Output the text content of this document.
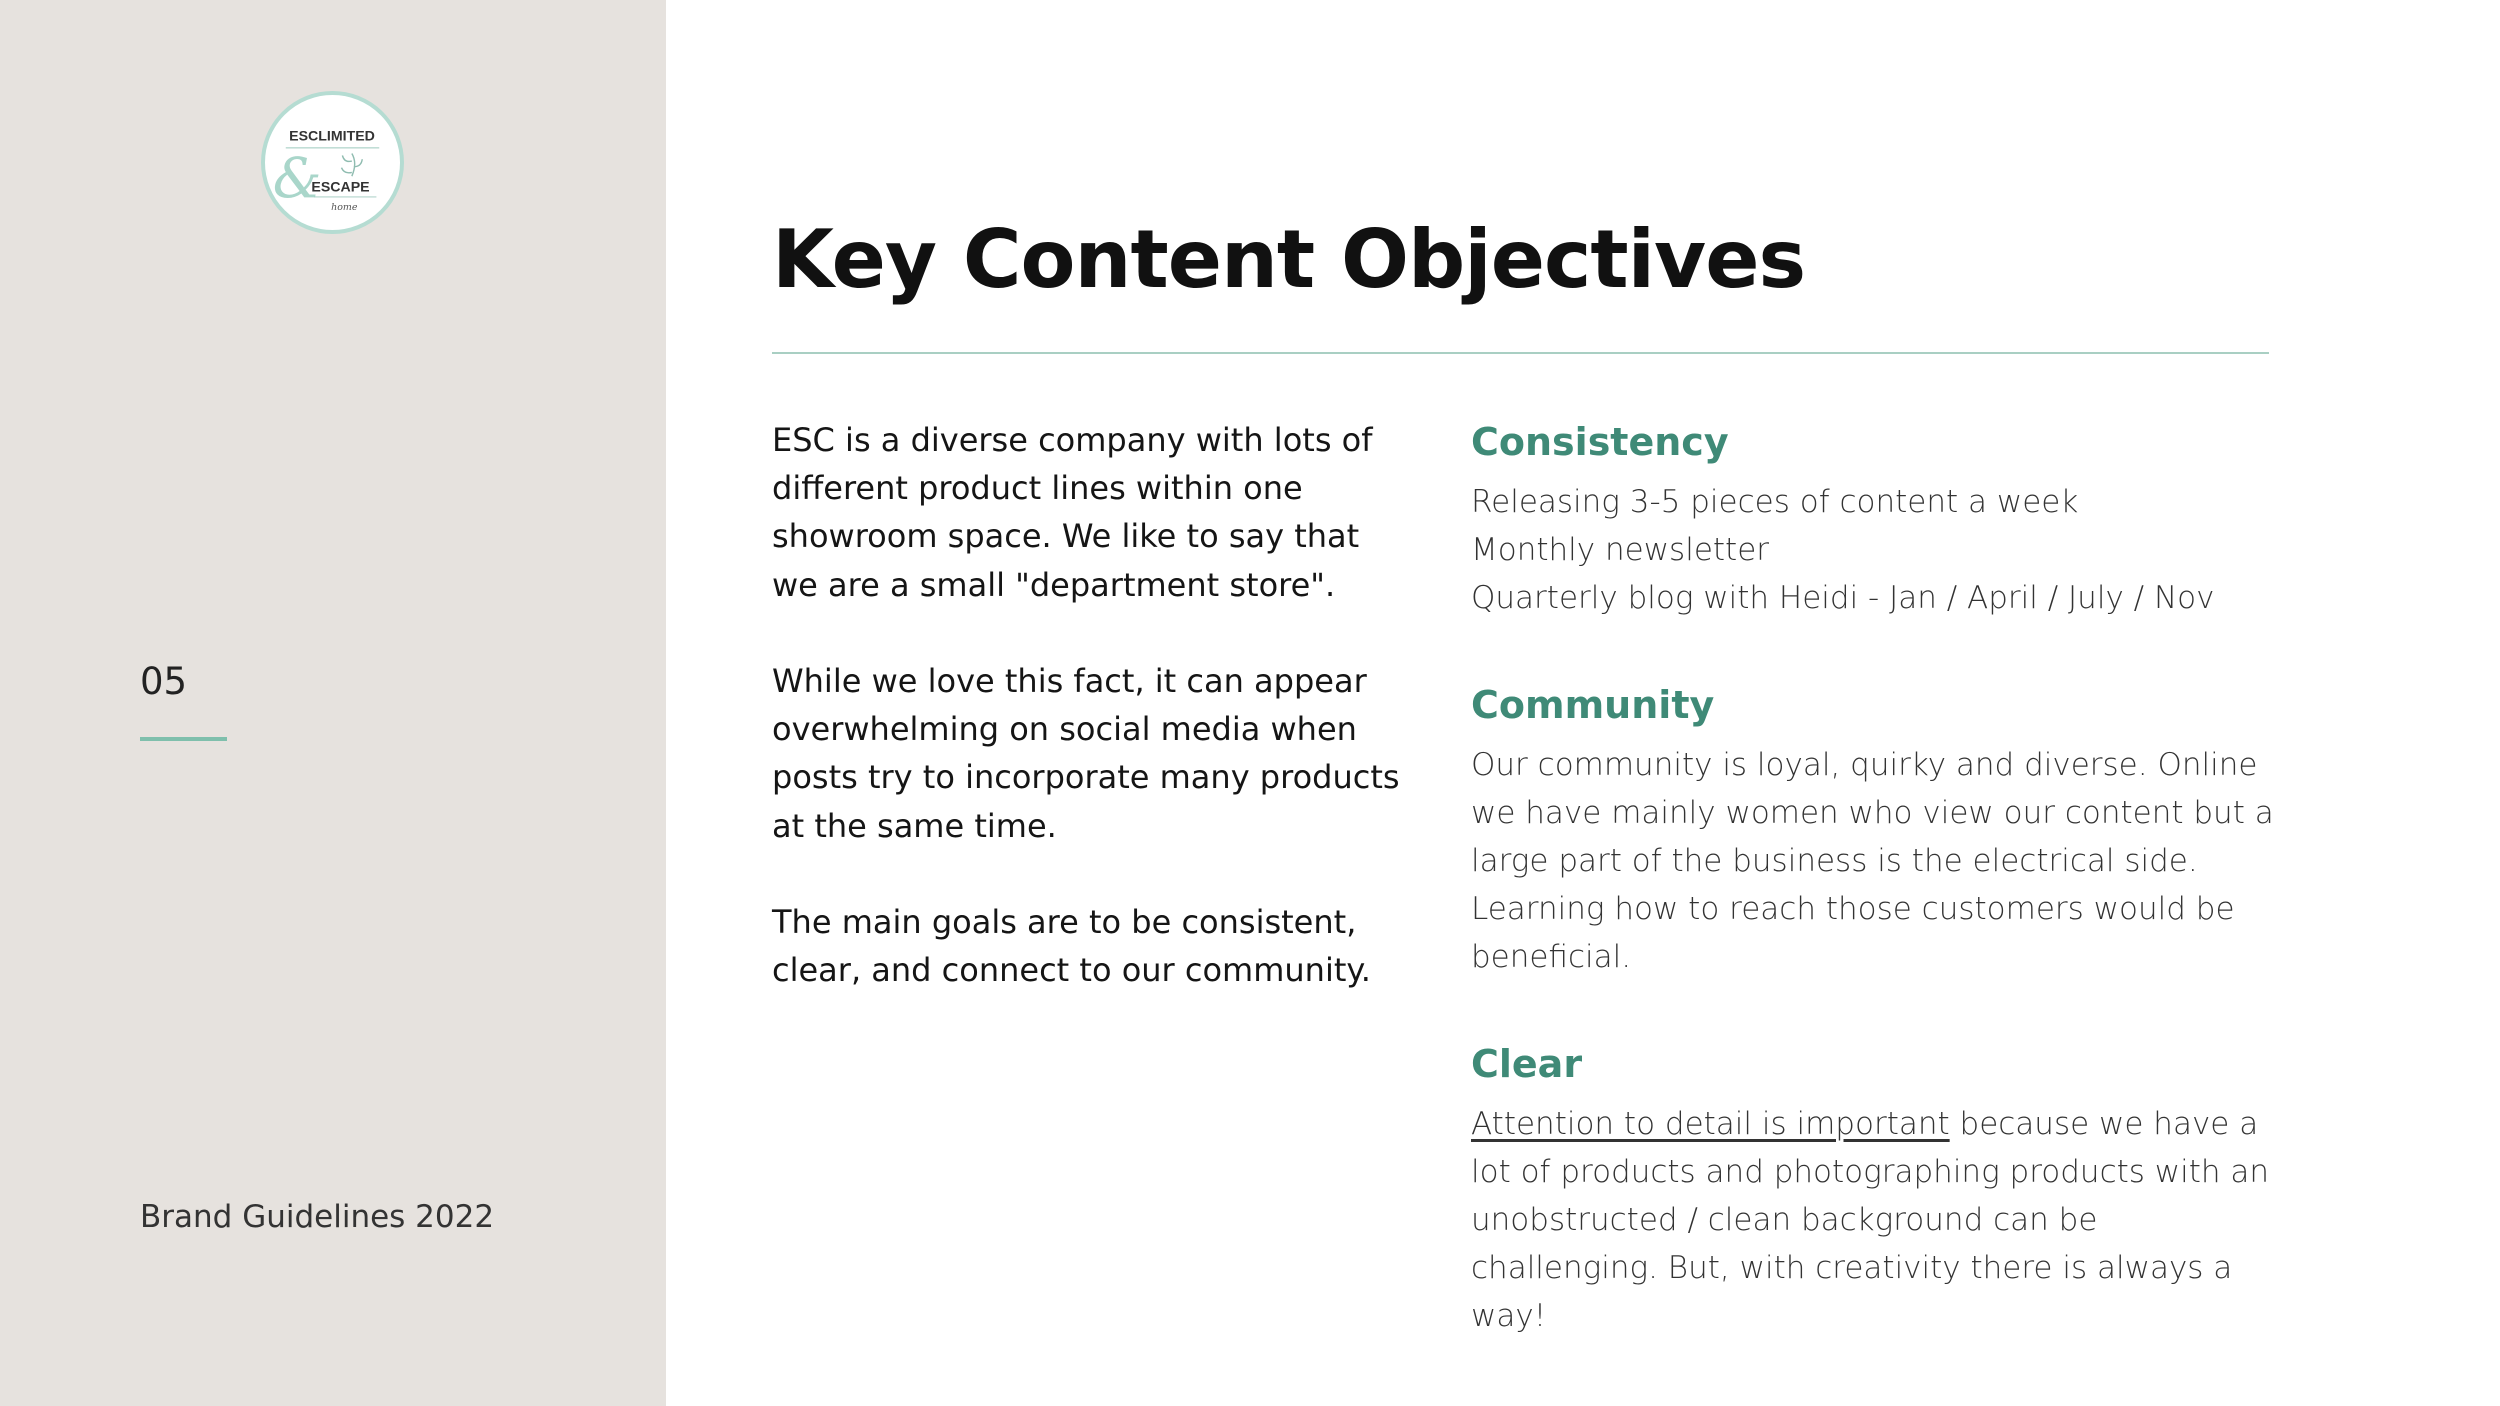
ESCLIMITED
&
ESCAPE
home
05
Brand Guidelines 2022
Key Content Objectives

ESC is a diverse company with lots of different product lines within one showroom space. We like to say that we are a small "department store".

While we love this fact, it can appear overwhelming on social media when posts try to incorporate many products at the same time.

The main goals are to be consistent, clear, and connect to our community.

Consistency
Releasing 3-5 pieces of content a week
Monthly newsletter
Quarterly blog with Heidi - Jan / April / July / Nov
Community

Our community is loyal, quirky and diverse. Online we have mainly women who view our content but a large part of the business is the electrical side. Learning how to reach those customers would be beneficial.

Clear

Attention to detail is important because we have a lot of products and photographing products with an unobstructed / clean background can be challenging. But, with creativity there is always a way!
